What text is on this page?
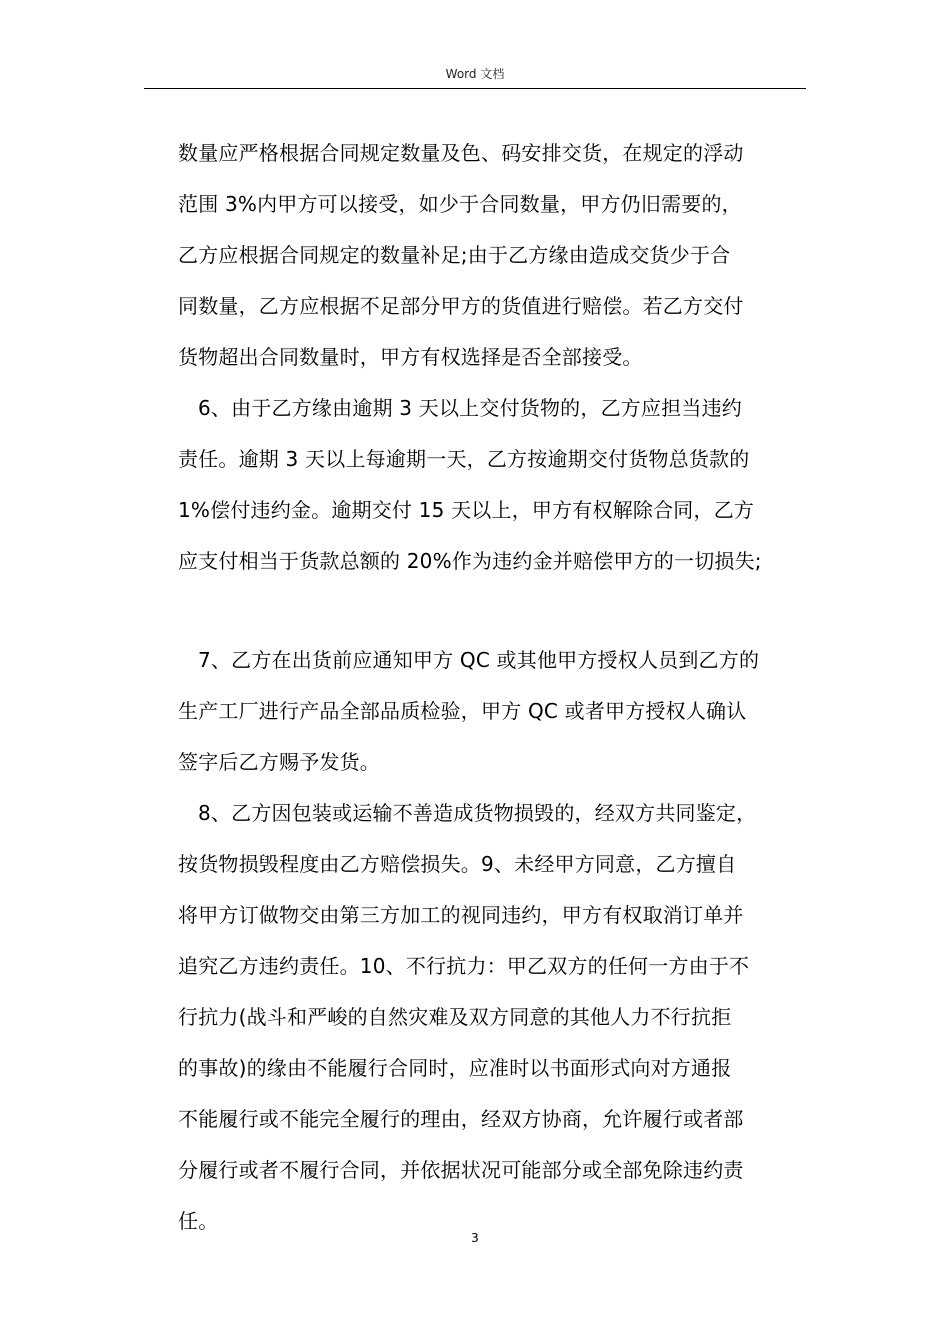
Word 文档
数量应严格根据合同规定数量及色、码安排交货，在规定的浮动
范围 3%内甲方可以接受，如少于合同数量，甲方仍旧需要的，
乙方应根据合同规定的数量补足;由于乙方缘由造成交货少于合
同数量，乙方应根据不足部分甲方的货值进行赔偿。若乙方交付
货物超出合同数量时，甲方有权选择是否全部接受。
6、由于乙方缘由逾期 3 天以上交付货物的，乙方应担当违约
责任。逾期 3 天以上每逾期一天，乙方按逾期交付货物总货款的
1%偿付违约金。逾期交付 15 天以上，甲方有权解除合同，乙方
应支付相当于货款总额的 20%作为违约金并赔偿甲方的一切损失;
7、乙方在出货前应通知甲方 QC 或其他甲方授权人员到乙方的
生产工厂进行产品全部品质检验，甲方 QC 或者甲方授权人确认
签字后乙方赐予发货。
8、乙方因包装或运输不善造成货物损毁的，经双方共同鉴定，
按货物损毁程度由乙方赔偿损失。9、未经甲方同意，乙方擅自
将甲方订做物交由第三方加工的视同违约，甲方有权取消订单并
追究乙方违约责任。10、不行抗力：甲乙双方的任何一方由于不
行抗力(战斗和严峻的自然灾难及双方同意的其他人力不行抗拒
的事故)的缘由不能履行合同时，应准时以书面形式向对方通报
不能履行或不能完全履行的理由，经双方协商，允许履行或者部
分履行或者不履行合同，并依据状况可能部分或全部免除违约责
任。
3
